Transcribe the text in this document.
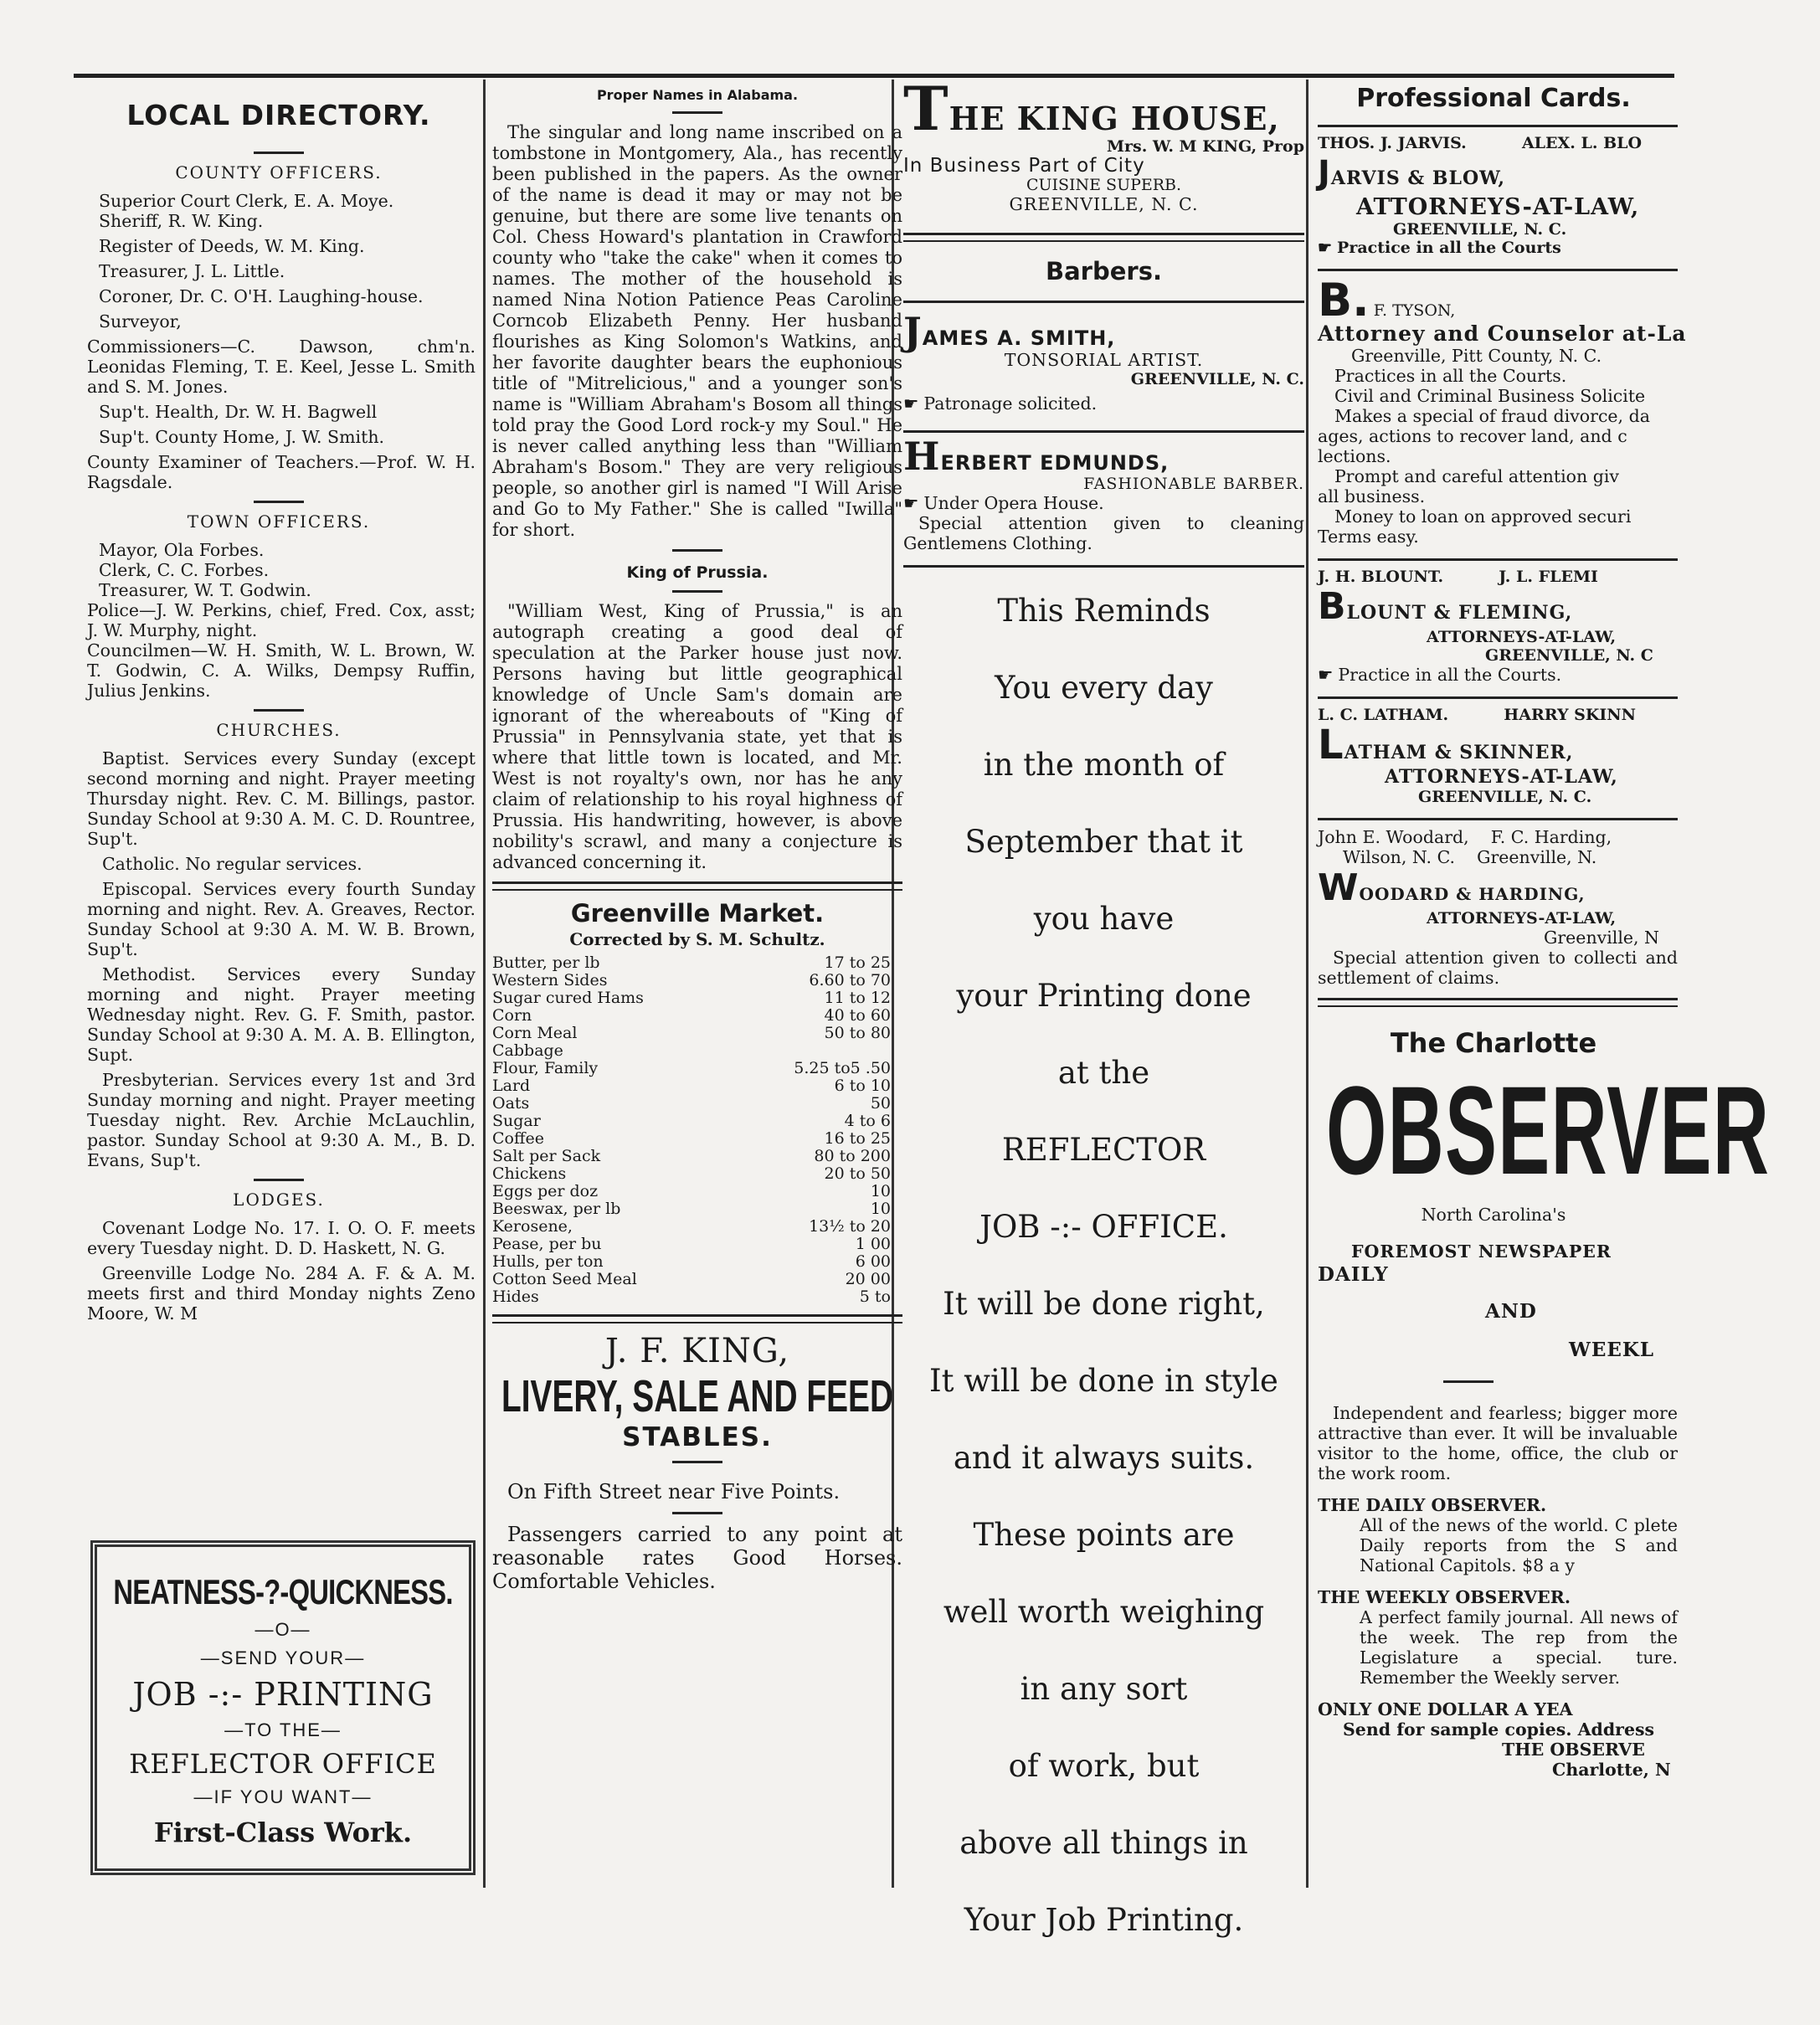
LOCAL DIRECTORY.
COUNTY OFFICERS.

Superior Court Clerk, E. A. Moye.

Sheriff, R. W. King.

Register of Deeds, W. M. King.

Treasurer, J. L. Little.

Coroner, Dr. C. O'H. Laughing-house.

Surveyor,

Commissioners—C. Dawson, chm'n. Leonidas Fleming, T. E. Keel, Jesse L. Smith and S. M. Jones.

Sup't. Health, Dr. W. H. Bagwell

Sup't. County Home, J. W. Smith.

County Examiner of Teachers.—Prof. W. H. Ragsdale.

TOWN OFFICERS.

Mayor, Ola Forbes.

Clerk, C. C. Forbes.

Treasurer, W. T. Godwin.

Police—J. W. Perkins, chief, Fred. Cox, asst; J. W. Murphy, night.

Councilmen—W. H. Smith, W. L. Brown, W. T. Godwin, C. A. Wilks, Dempsy Ruffin, Julius Jenkins.

CHURCHES.

Baptist. Services every Sunday (except second morning and night. Prayer meeting Thursday night. Rev. C. M. Billings, pastor. Sunday School at 9:30 A. M. C. D. Rountree, Sup't.

Catholic. No regular services.

Episcopal. Services every fourth Sunday morning and night. Rev. A. Greaves, Rector. Sunday School at 9:30 A. M. W. B. Brown, Sup't.

Methodist. Services every Sunday morning and night. Prayer meeting Wednesday night. Rev. G. F. Smith, pastor. Sunday School at 9:30 A. M. A. B. Ellington, Supt.

Presbyterian. Services every 1st and 3rd Sunday morning and night. Prayer meeting Tuesday night. Rev. Archie McLauchlin, pastor. Sunday School at 9:30 A. M., B. D. Evans, Sup't.

LODGES.

Covenant Lodge No. 17. I. O. O. F. meets every Tuesday night. D. D. Haskett, N. G.

Greenville Lodge No. 284 A. F. & A. M. meets first and third Monday nights Zeno Moore, W. M

NEATNESS-?-QUICKNESS.
—O—
—SEND YOUR—
JOB -:- PRINTING
—TO THE—
REFLECTOR OFFICE
—IF YOU WANT—
First-Class Work.
Proper Names in Alabama.

The singular and long name inscribed on a tombstone in Montgomery, Ala., has recently been published in the papers. As the owner of the name is dead it may or may not be genuine, but there are some live tenants on Col. Chess Howard's plantation in Crawford county who "take the cake" when it comes to names. The mother of the household is named Nina Notion Patience Peas Caroline Corncob Elizabeth Penny. Her husband flourishes as King Solomon's Watkins, and her favorite daughter bears the euphonious title of "Mitrelicious," and a younger son's name is "William Abraham's Bosom all things told pray the Good Lord rock-y my Soul." He is never called anything less than "William Abraham's Bosom." They are very religious people, so another girl is named "I Will Arise and Go to My Father." She is called "Iwilla" for short.

King of Prussia.

"William West, King of Prussia," is an autograph creating a good deal of speculation at the Parker house just now. Persons having but little geographical knowledge of Uncle Sam's domain are ignorant of the whereabouts of "King of Prussia" in Pennsylvania state, yet that is where that little town is located, and Mr. West is not royalty's own, nor has he any claim of relationship to his royal highness of Prussia. His handwriting, however, is above nobility's scrawl, and many a conjecture is advanced concerning it.

Greenville Market.
Corrected by S. M. Schultz.
Butter, per lb	17 to 25
Western Sides	6.60 to 70
Sugar cured Hams	11 to 12
Corn	40 to 60
Corn Meal	50 to 80
Cabbage	
Flour, Family	5.25 to5 .50
Lard	6 to 10
Oats	50
Sugar	4 to 6
Coffee	16 to 25
Salt per Sack	80 to 200
Chickens	20 to 50
Eggs per doz	10
Beeswax, per lb	10
Kerosene,	13½ to 20
Pease, per bu	1 00
Hulls, per ton	6 00
Cotton Seed Meal	20 00
Hides	5 to
J. F. KING,
LIVERY, SALE AND FEED
STABLES.

On Fifth Street near Five Points.

Passengers carried to any point at reasonable rates Good Horses. Comfortable Vehicles.

THE KING HOUSE,
Mrs. W. M KING, Prop
In Business Part of City
CUISINE SUPERB.
GREENVILLE, N. C.
Barbers.
JAMES A. SMITH,
TONSORIAL ARTIST.
GREENVILLE, N. C.
☛ Patronage solicited.
HERBERT EDMUNDS,
FASHIONABLE BARBER.
☛ Under Opera House.
Special attention given to cleaning Gentlemens Clothing.
This Reminds
You every day
in the month of
September that it
you have
your Printing done
at the
REFLECTOR
JOB -:- OFFICE.
It will be done right,
It will be done in style
and it always suits.
These points are
well worth weighing
in any sort
of work, but
above all things in
Your Job Printing.
Professional Cards.
THOS. J. JARVIS.          ALEX. L. BLO
JARVIS & BLOW,
ATTORNEYS-AT-LAW,
GREENVILLE, N. C.
☛ Practice in all the Courts
B. F. TYSON,
Attorney and Counselor at-La
Greenville, Pitt County, N. C.
Practices in all the Courts.
Civil and Criminal Business Solicite
Makes a special of fraud divorce, da
ages, actions to recover land, and c
lections.
Prompt and careful attention giv
all business.
Money to loan on approved securi
Terms easy.
J. H. BLOUNT.          J. L. FLEMI
BLOUNT & FLEMING,
ATTORNEYS-AT-LAW,
GREENVILLE, N. C
☛ Practice in all the Courts.
L. C. LATHAM.          HARRY SKINN
LATHAM & SKINNER,
ATTORNEYS-AT-LAW,
GREENVILLE, N. C.
John E. Woodard,    F. C. Harding,
Wilson, N. C.    Greenville, N.
WOODARD & HARDING,
ATTORNEYS-AT-LAW,
Greenville, N
Special attention given to collecti and settlement of claims.
The Charlotte
OBSERVER
North Carolina's
FOREMOST NEWSPAPER
DAILY
AND
WEEKL

Independent and fearless; bigger more attractive than ever. It will be invaluable visitor to the home, office, the club or the work room.

THE DAILY OBSERVER.

All of the news of the world. C plete Daily reports from the S and National Capitols. $8 a y

THE WEEKLY OBSERVER.

A perfect family journal. All news of the week. The rep from the Legislature a special. ture. Remember the Weekly server.

ONLY ONE DOLLAR A YEA
Send for sample copies. Address
THE OBSERVE
Charlotte, N
